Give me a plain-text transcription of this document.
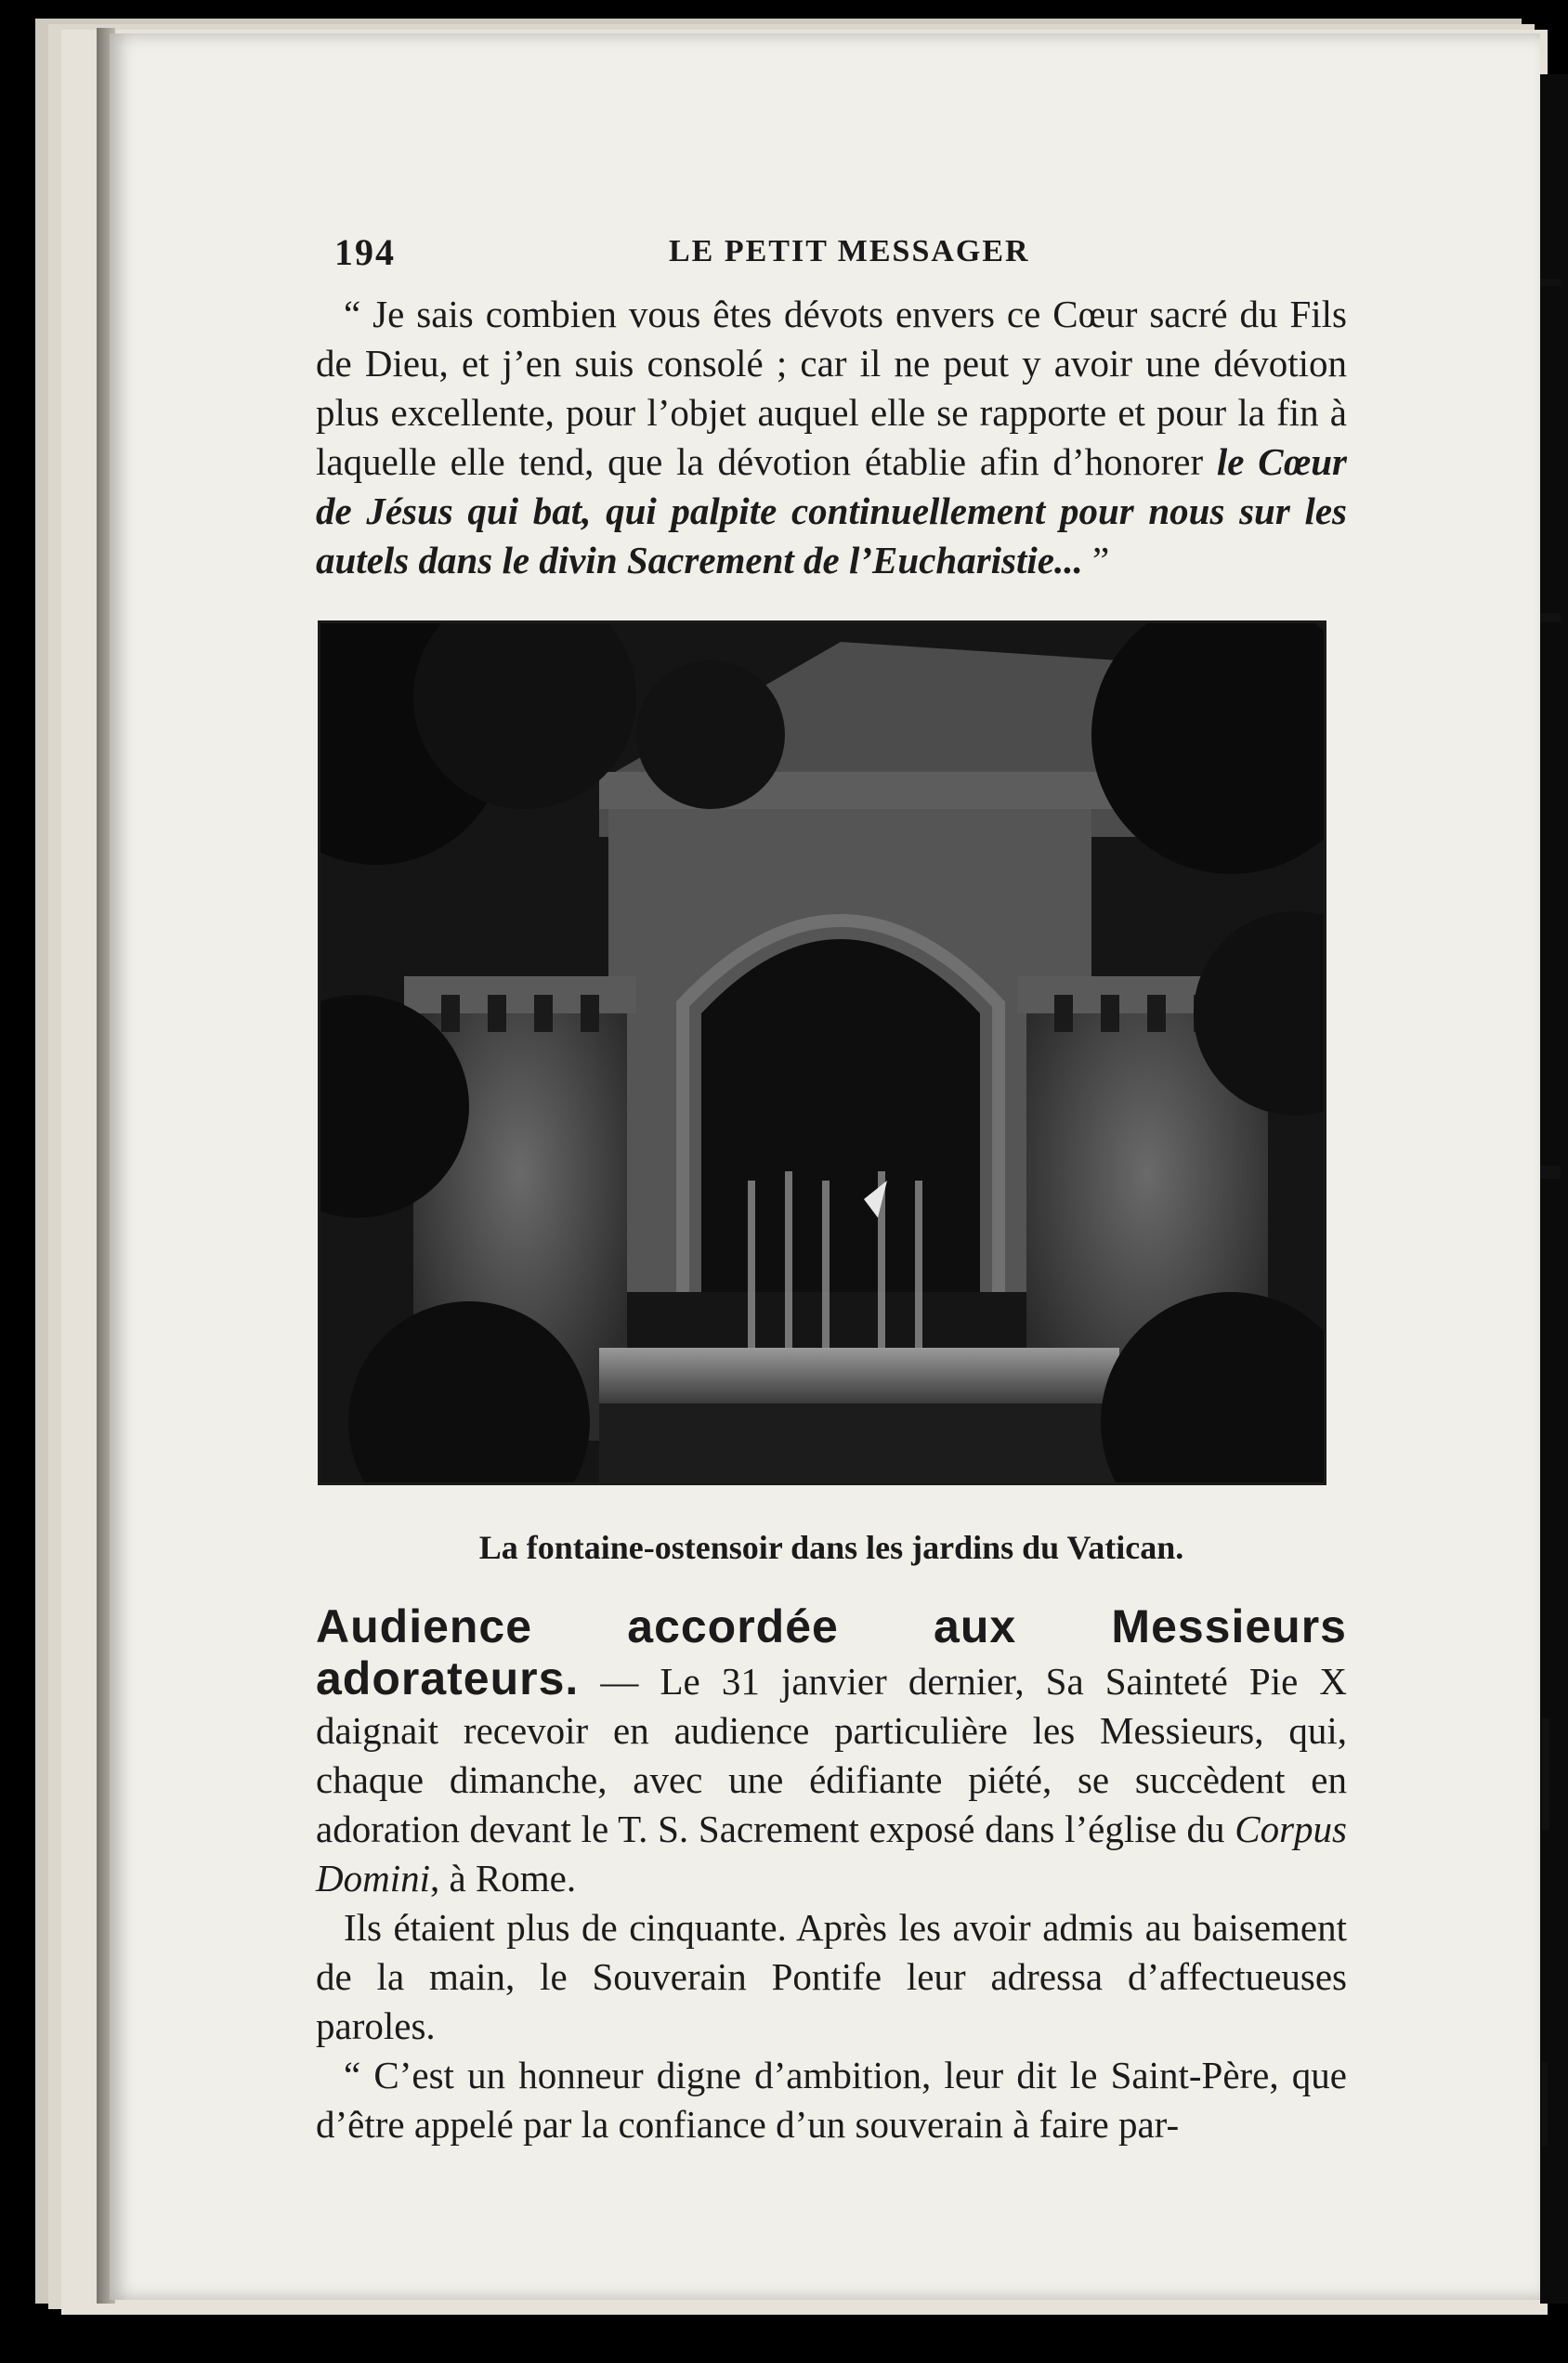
194	LE PETIT MESSAGER

“ Je sais combien vous êtes dévots envers ce Cœur sacré du Fils de Dieu, et j’en suis consolé ; car il ne peut y avoir une dévotion plus excellente, pour l’objet auquel elle se rapporte et pour la fin à laquelle elle tend, que la dévotion établie afin d’honorer le Cœur de Jésus qui bat, qui palpite continuellement pour nous sur les autels dans le divin Sacrement de l’Eucharistie... ”

La fontaine-ostensoir dans les jardins du Vatican.

Audience accordée aux Messieurs adorateurs. — Le 31 janvier dernier, Sa Sainteté Pie X daignait recevoir en audience particulière les Messieurs, qui, chaque dimanche, avec une édifiante piété, se succèdent en adoration devant le T. S. Sacrement exposé dans l’église du Corpus Domini, à Rome.

Ils étaient plus de cinquante. Après les avoir admis au baisement de la main, le Souverain Pontife leur adressa d’affectueuses paroles.

“ C’est un honneur digne d’ambition, leur dit le Saint-Père, que d’être appelé par la confiance d’un souverain à faire par-
